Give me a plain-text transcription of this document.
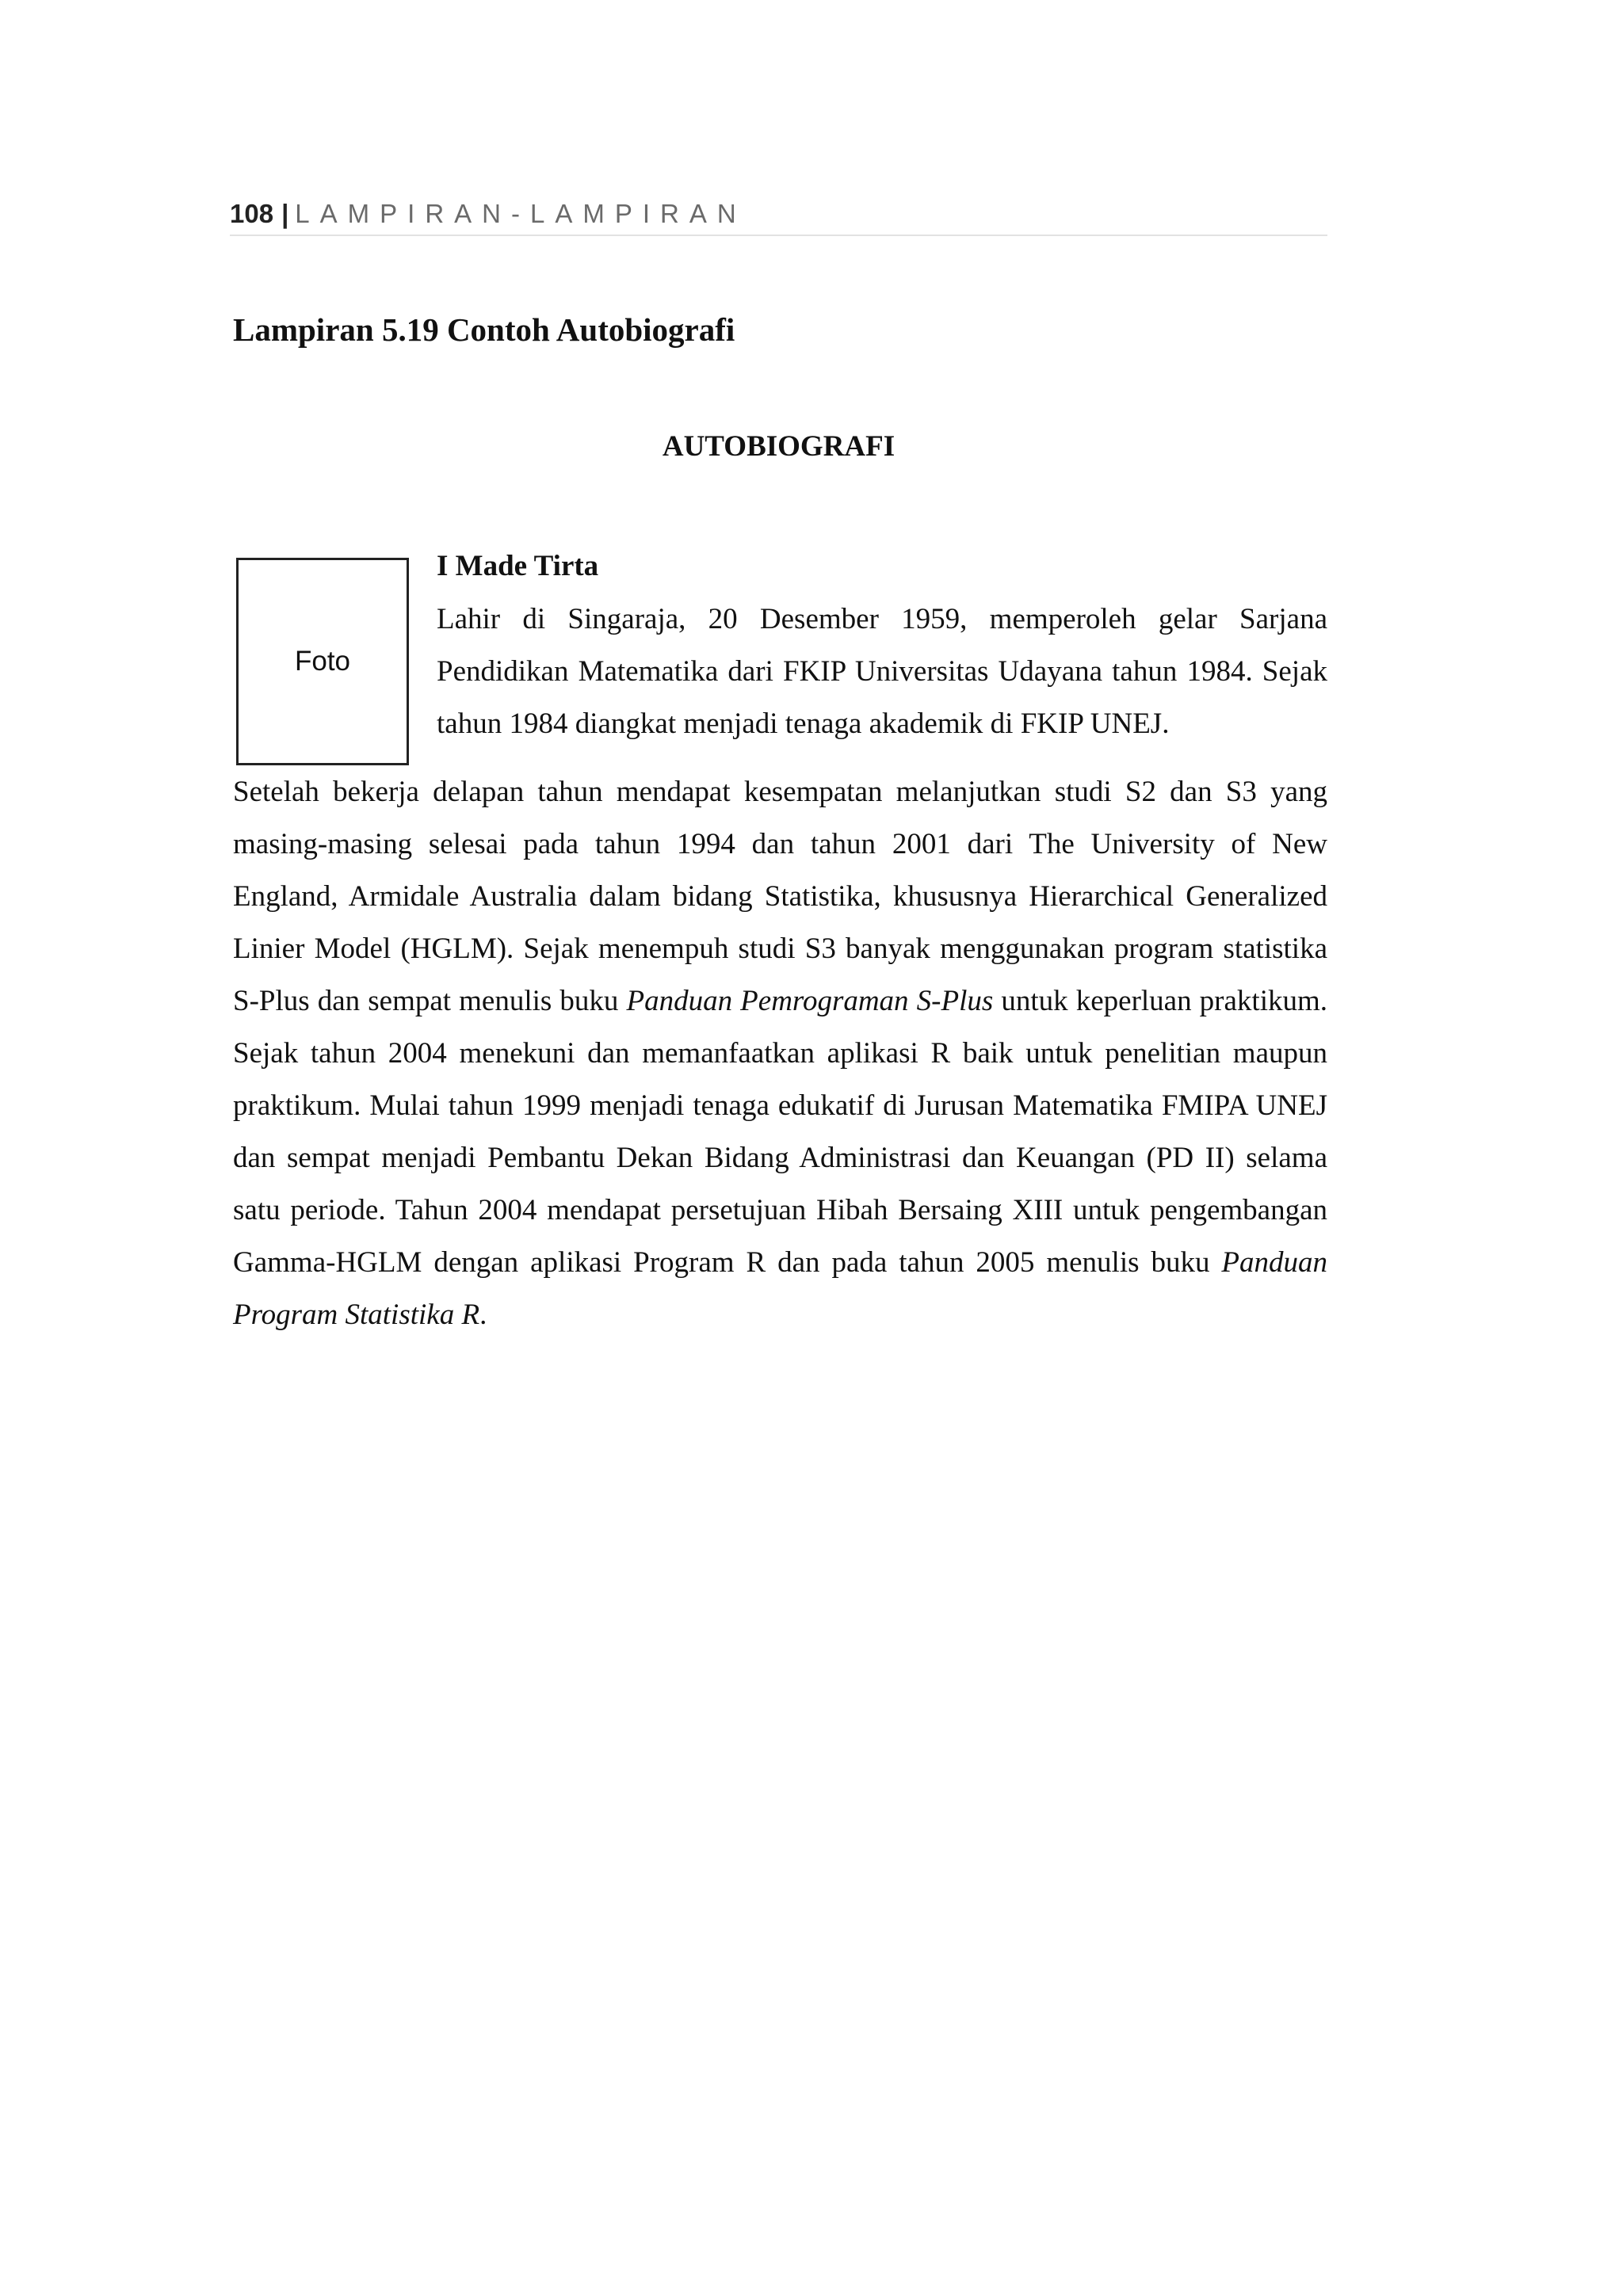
108 | LAMPIRAN-LAMPIRAN
Lampiran 5.19 Contoh Autobiografi
AUTOBIOGRAFI
Foto
I Made Tirta
Lahir di Singaraja, 20 Desember 1959, memperoleh gelar Sarjana Pendidikan Matematika dari FKIP Universitas Udayana tahun 1984. Sejak tahun 1984 diangkat menjadi tenaga akademik di FKIP UNEJ.

Setelah bekerja delapan tahun mendapat kesempatan melanjutkan studi S2 dan S3 yang masing-masing selesai pada tahun 1994 dan tahun 2001 dari The University of New England, Armidale Australia dalam bidang Statistika, khususnya Hierarchical Generalized Linier Model (HGLM). Sejak menempuh studi S3 banyak menggunakan program statistika S-Plus dan sempat menulis buku Panduan Pemrograman S-Plus untuk keperluan praktikum. Sejak tahun 2004 menekuni dan memanfaatkan aplikasi R baik untuk penelitian maupun praktikum. Mulai tahun 1999 menjadi tenaga edukatif di Jurusan Matematika FMIPA UNEJ dan sempat menjadi Pembantu Dekan Bidang Administrasi dan Keuangan (PD II) selama satu periode. Tahun 2004 mendapat persetujuan Hibah Bersaing XIII untuk pengembangan Gamma-HGLM dengan aplikasi Program R dan pada tahun 2005 menulis buku Panduan Program Statistika R.
